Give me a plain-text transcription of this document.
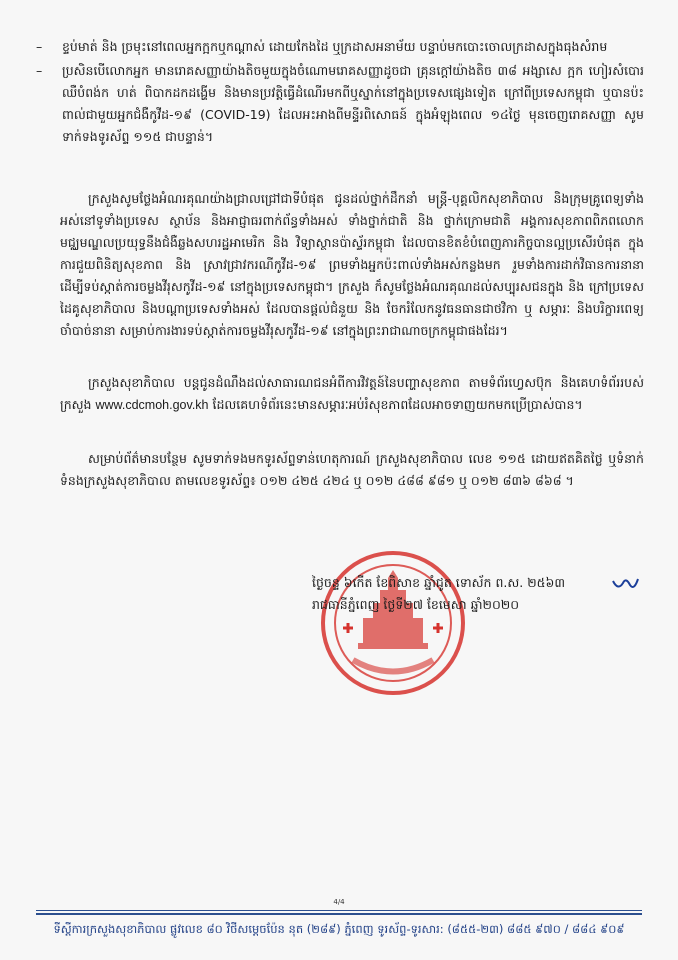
–	ខ្ទប់មាត់ និង ច្រមុះនៅពេលអ្នកក្អកឬកណ្ដាស់ ដោយកែងដៃ ឬក្រដាសអនាម័យ បន្ទាប់មកបោះចោលក្រដាសក្នុងធុងសំរាម
–	ប្រសិនបើលោកអ្នក មានរោគសញ្ញាយ៉ាងតិចមួយក្នុងចំណោមរោគសញ្ញាដូចជា គ្រុនក្ដៅយ៉ាងតិច ៣៨ អង្សាសេ ក្អក ហៀរសំបោរ ឈឺបំពង់ក ហត់ ពិបាកដកដង្ហើម និងមានប្រវត្តិធ្វើដំណើរមកពីឬស្នាក់នៅក្នុងប្រទេសផ្សេងទៀត ក្រៅពីប្រទេសកម្ពុជា ឬបានប៉ះពាល់ជាមួយអ្នកជំងឺកូវីដ-១៩ (COVID-19) ដែលអះអាងពីមន្ទីរពិសោធន៍ ក្នុងអំឡុងពេល ១៤ថ្ងៃ មុនចេញរោគសញ្ញា សូមទាក់ទងទូរស័ព្ទ ១១៥ ជាបន្ទាន់។
ក្រសួងសូមថ្លែងអំណរគុណយ៉ាងជ្រាលជ្រៅជាទីបំផុត ជូនដល់ថ្នាក់ដឹកនាំ មន្ត្រី-បុគ្គលិកសុខាភិបាល និងក្រុមគ្រូពេទ្យទាំងអស់នៅទូទាំងប្រទេស ស្ថាប័ន និងអាជ្ញាធរពាក់ព័ន្ធទាំងអស់ ទាំងថ្នាក់ជាតិ និង ថ្នាក់ក្រោមជាតិ អង្គការសុខភាពពិភពលោក មជ្ឈមណ្ឌលប្រយុទ្ធនឹងជំងឺឆ្លងសហរដ្ឋអាមេរិក និង វិទ្យាស្ថានប៉ាស្ទ័រកម្ពុជា ដែលបានខិតខំបំពេញភារកិច្ចបានល្អប្រសើរបំផុត ក្នុងការជួយពិនិត្យសុខភាព និង ស្រាវជ្រាវករណីកូវីដ-១៩ ព្រមទាំងអ្នកប៉ះពាល់ទាំងអស់កន្លងមក រួមទាំងការដាក់វិធានការនានា ដើម្បីទប់ស្កាត់ការចម្លងវីរុសកូវីដ-១៩ នៅក្នុងប្រទេសកម្ពុជា។ ក្រសួង ក៏សូមថ្លែងអំណរគុណដល់សប្បុរសជនក្នុង និង ក្រៅប្រទេស ដៃគូសុខាភិបាល និងបណ្ដាប្រទេសទាំងអស់ ដែលបានផ្ដល់ជំនួយ និង ចែករំលែកនូវធនធានជាថវិកា ឬ សម្ភារៈ និងបរិក្ខារពេទ្យចាំបាច់នានា សម្រាប់ការងារទប់ស្កាត់ការចម្លងវីរុសកូវីដ-១៩ នៅក្នុងព្រះរាជាណាចក្រកម្ពុជាផងដែរ។
ក្រសួងសុខាភិបាល បន្តជូនដំណឹងដល់សាធារណជនអំពីការវិវត្តន៍នៃបញ្ហាសុខភាព តាមទំព័រហ្វេសប៊ុក និងគេហទំព័ររបស់ក្រសួង www.cdcmoh.gov.kh ដែលគេហទំព័រនេះមានសម្ភារៈអប់រំសុខភាពដែលអាចទាញយកមកប្រើប្រាស់បាន។
សម្រាប់ព័ត៌មានបន្ថែម សូមទាក់ទងមកទូរស័ព្ទទាន់ហេតុការណ៍ ក្រសួងសុខាភិបាល លេខ ១១៥ ដោយឥតគិតថ្លៃ ឬទំនាក់ទំនងក្រសួងសុខាភិបាល តាមលេខទូរស័ព្ទ៖ ០១២ ៤២៥ ៤២៤ ឬ ០១២ ៤៨៨ ៩៨១ ឬ ០១២ ៨៣៦ ៨៦៨ ។
ថ្ងៃចន្ទ ៦កើត ខែពិសាខ ឆ្នាំជូត ទោស័ក ព.ស. ២៥៦៣
រាជធានីភ្នំពេញ ថ្ងៃទី២៧ ខែមេសា ឆ្នាំ២០២០
4/4
ទីស្តីការក្រសួងសុខាភិបាល ផ្លូវលេខ ៨០ វិថីសម្តេចប៉ែន នុត (២៨៩) ភ្នំពេញ ទូរស័ព្ទ-ទូរសារ: (៨៥៥-២៣) ៨៨៥ ៩៧០ / ៨៨៤ ៩០៩
